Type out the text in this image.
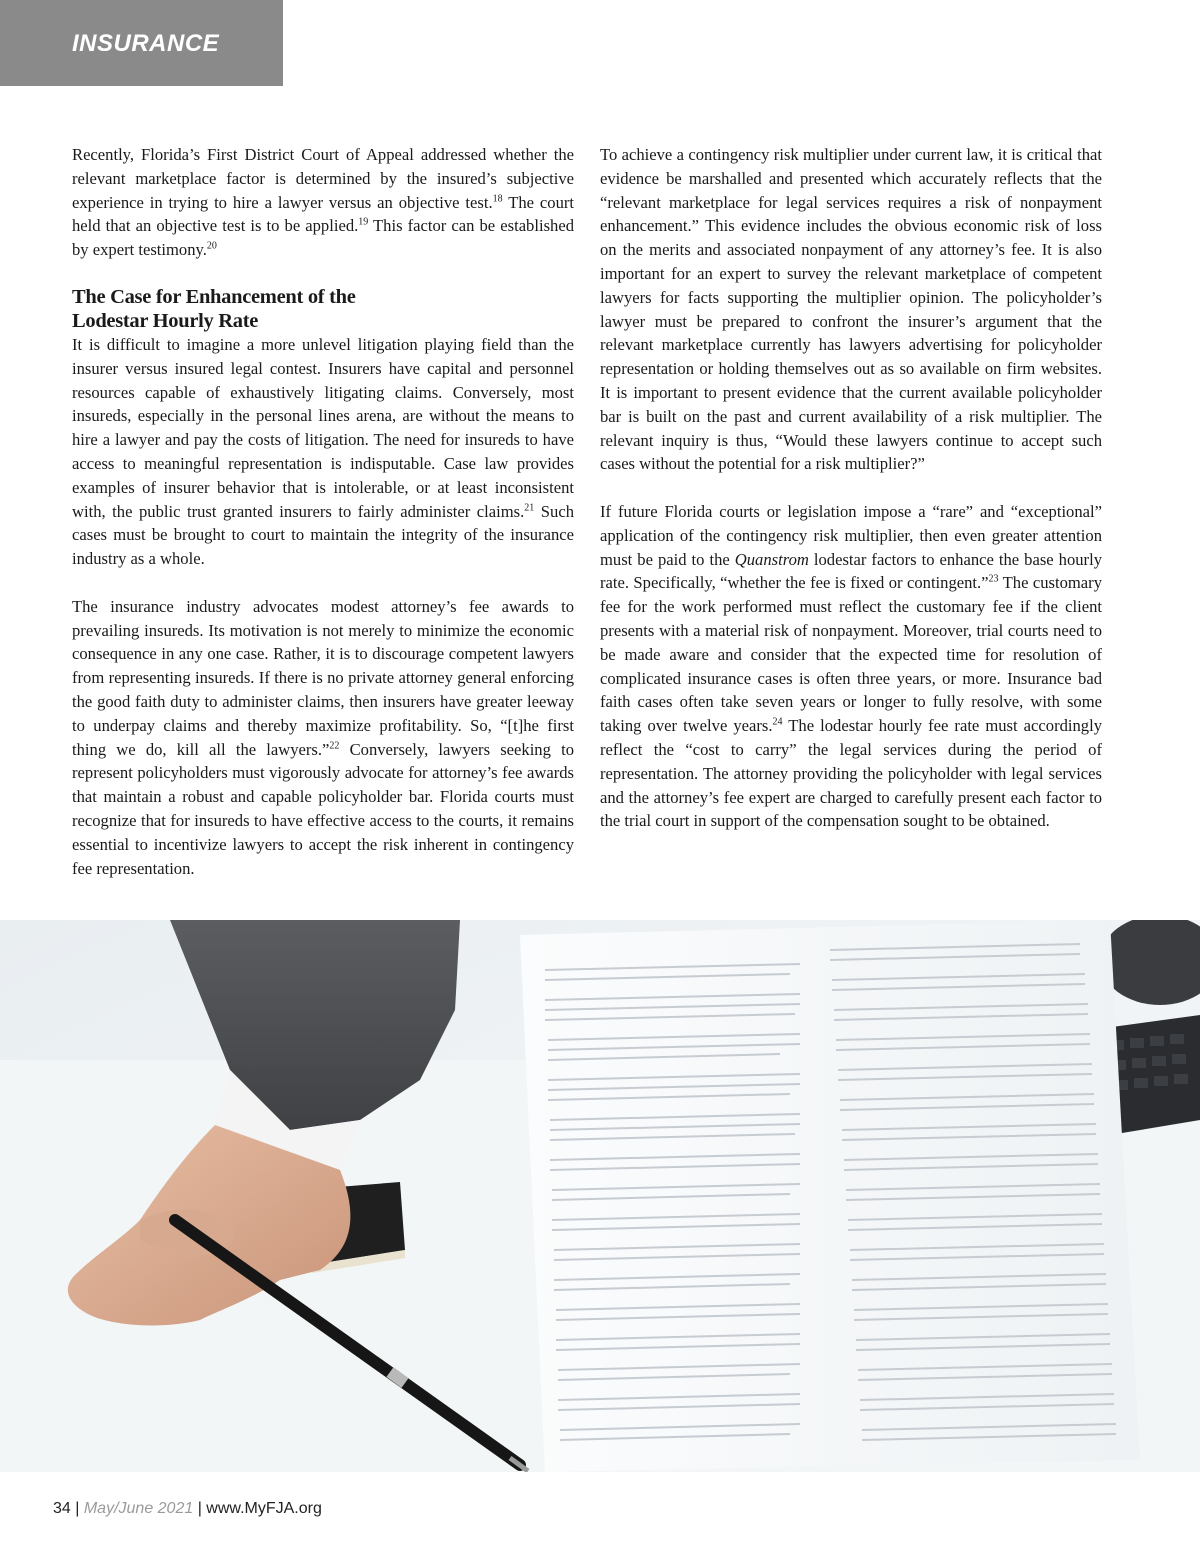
INSURANCE

Recently, Florida’s First District Court of Appeal addressed whether the relevant marketplace factor is determined by the insured’s subjective experience in trying to hire a lawyer versus an objective test.$^{18}$ The court held that an objective test is to be applied.$^{19}$ This factor can be established by expert testimony.$^{20}$

The Case for Enhancement of the
Lodestar Hourly Rate

It is difficult to imagine a more unlevel litigation playing field than the insurer versus insured legal contest. Insurers have capital and personnel resources capable of exhaustively litigating claims. Conversely, most insureds, especially in the personal lines arena, are without the means to hire a lawyer and pay the costs of litigation. The need for insureds to have access to meaningful representation is indisputable. Case law provides examples of insurer behavior that is intolerable, or at least inconsistent with, the public trust granted insurers to fairly administer claims.$^{21}$ Such cases must be brought to court to maintain the integrity of the insurance industry as a whole.

The insurance industry advocates modest attorney’s fee awards to prevailing insureds. Its motivation is not merely to minimize the economic consequence in any one case. Rather, it is to discourage competent lawyers from representing insureds. If there is no private attorney general enforcing the good faith duty to administer claims, then insurers have greater leeway to underpay claims and thereby maximize profitability. So, “[t]he first thing we do, kill all the lawyers.”$^{22}$ Conversely, lawyers seeking to represent policyholders must vigorously advocate for attorney’s fee awards that maintain a robust and capable policyholder bar. Florida courts must recognize that for insureds to have effective access to the courts, it remains essential to incentivize lawyers to accept the risk inherent in contingency fee representation.

To achieve a contingency risk multiplier under current law, it is critical that evidence be marshalled and presented which accurately reflects that the “relevant marketplace for legal services requires a risk of nonpayment enhancement.” This evidence includes the obvious economic risk of loss on the merits and associated nonpayment of any attorney’s fee. It is also important for an expert to survey the relevant marketplace of competent lawyers for facts supporting the multiplier opinion. The policyholder’s lawyer must be prepared to confront the insurer’s argument that the relevant marketplace currently has lawyers advertising for policyholder representation or holding themselves out as so available on firm websites. It is important to present evidence that the current available policyholder bar is built on the past and current availability of a risk multiplier. The relevant inquiry is thus, “Would these lawyers continue to accept such cases without the potential for a risk multiplier?”

If future Florida courts or legislation impose a “rare” and “exceptional” application of the contingency risk multiplier, then even greater attention must be paid to the Quanstrom lodestar factors to enhance the base hourly rate. Specifically, “whether the fee is fixed or contingent.”$^{23}$ The customary fee for the work performed must reflect the customary fee if the client presents with a material risk of nonpayment. Moreover, trial courts need to be made aware and consider that the expected time for resolution of complicated insurance cases is often three years, or more. Insurance bad faith cases often take seven years or longer to fully resolve, with some taking over twelve years.$^{24}$ The lodestar hourly fee rate must accordingly reflect the “cost to carry” the legal services during the period of representation. The attorney providing the policyholder with legal services and the attorney’s fee expert are charged to carefully present each factor to the trial court in support of the compensation sought to be obtained.

34 | May/June 2021 | www.MyFJA.org
